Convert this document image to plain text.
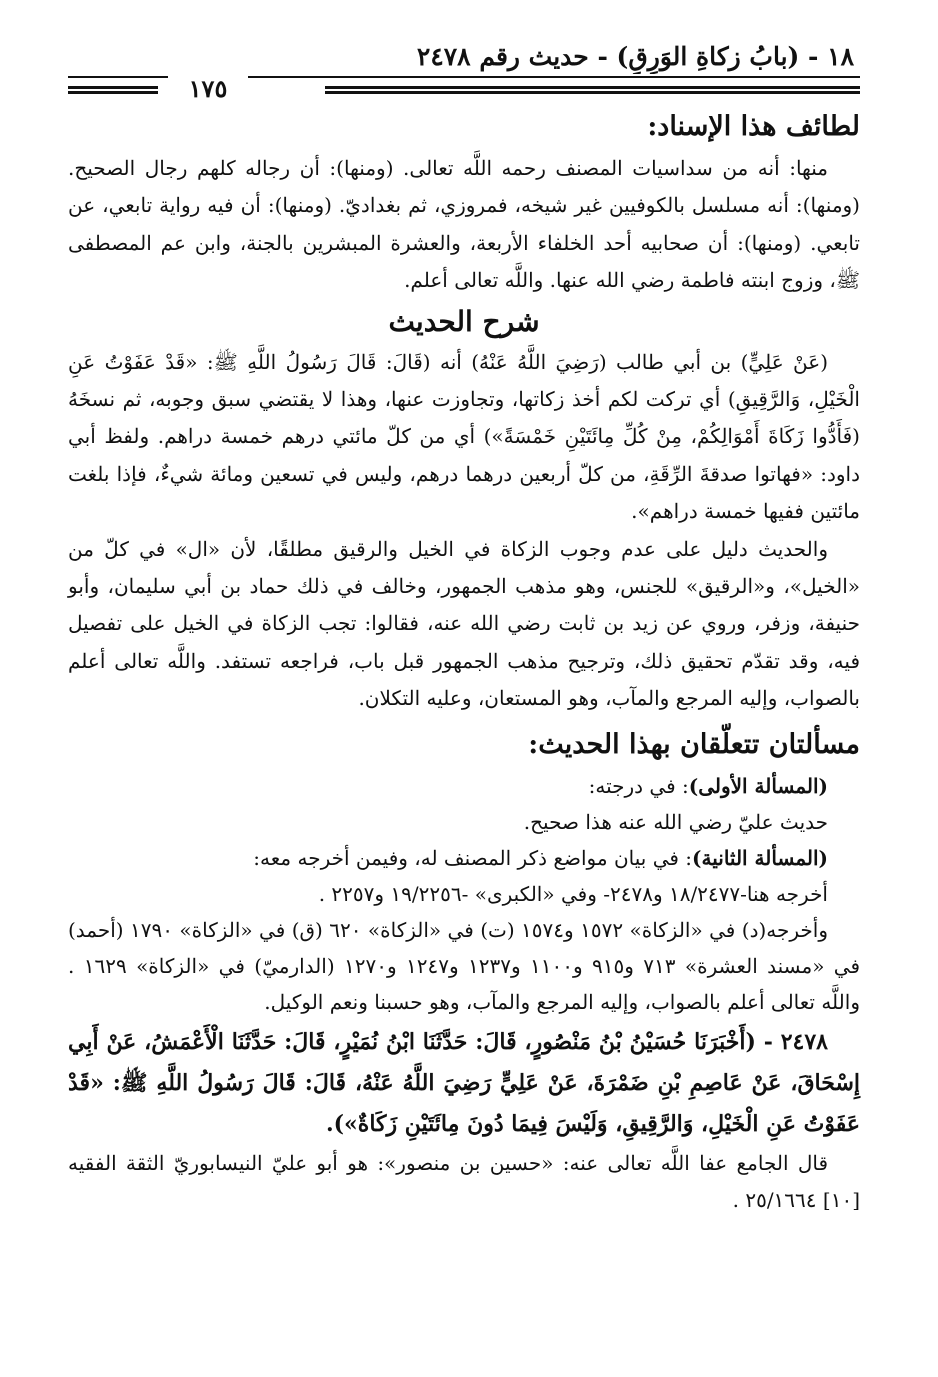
١٨ - (بابُ زكاةِ الوَرِقِ) - حديث رقم ٢٤٧٨
١٧٥
لطائف هذا الإسناد:

منها: أنه من سداسيات المصنف رحمه اللَّه تعالى. (ومنها): أن رجاله كلهم رجال الصحيح. (ومنها): أنه مسلسل بالكوفيين غير شيخه، فمروزي، ثم بغداديّ. (ومنها): أن فيه رواية تابعي، عن تابعي. (ومنها): أن صحابيه أحد الخلفاء الأربعة، والعشرة المبشرين بالجنة، وابن عم المصطفى ﷺ، وزوج ابنته فاطمة رضي الله عنها. واللَّه تعالى أعلم.

شرح الحديث

(عَنْ عَلِيٍّ) بن أبي طالب (رَضِيَ اللَّهُ عَنْهُ) أنه (قَالَ: قَالَ رَسُولُ اللَّهِ ﷺ: «قَدْ عَفَوْتُ عَنِ الْخَيْلِ، وَالرَّقِيقِ) أي تركت لكم أخذ زكاتها، وتجاوزت عنها، وهذا لا يقتضي سبق وجوبه، ثم نسخَهُ (فَأَدُّوا زَكَاةَ أَمْوَالِكُمْ، مِنْ كُلِّ مِائَتَيْنِ خَمْسَةً») أي من كلّ مائتي درهم خمسة دراهم. ولفظ أبي داود: «فهاتوا صدقةَ الرِّقَةِ، من كلّ أربعين درهما درهم، وليس في تسعين ومائة شيءٌ، فإذا بلغت مائتين ففيها خمسة دراهم».

والحديث دليل على عدم وجوب الزكاة في الخيل والرقيق مطلقًا، لأن «ال» في كلّ من «الخيل»، و«الرقيق» للجنس، وهو مذهب الجمهور، وخالف في ذلك حماد بن أبي سليمان، وأبو حنيفة، وزفر، وروي عن زيد بن ثابت رضي الله عنه، فقالوا: تجب الزكاة في الخيل على تفصيل فيه، وقد تقدّم تحقيق ذلك، وترجيح مذهب الجمهور قبل باب، فراجعه تستفد. واللَّه تعالى أعلم بالصواب، وإليه المرجع والمآب، وهو المستعان، وعليه التكلان.

مسألتان تتعلّقان بهذا الحديث:

(المسألة الأولى): في درجته:

حديث عليّ رضي الله عنه هذا صحيح.

(المسألة الثانية): في بيان مواضع ذكر المصنف له، وفيمن أخرجه معه:

أخرجه هنا-١٨/٢٤٧٧ و٢٤٧٨- وفي «الكبرى» -١٩/٢٢٥٦ و٢٢٥٧ .

وأخرجه(د) في «الزكاة» ١٥٧٢ و١٥٧٤ (ت) في «الزكاة» ٦٢٠ (ق) في «الزكاة» ١٧٩٠ (أحمد) في «مسند العشرة» ٧١٣ و٩١٥ و١١٠٠ و١٢٣٧ و١٢٤٧ و١٢٧٠ (الدارميّ) في «الزكاة» ١٦٢٩ . واللَّه تعالى أعلم بالصواب، وإليه المرجع والمآب، وهو حسبنا ونعم الوكيل.

٢٤٧٨ - (أَخْبَرَنَا حُسَيْنُ بْنُ مَنْصُورٍ، قَالَ: حَدَّثَنَا ابْنُ نُمَيْرٍ، قَالَ: حَدَّثَنَا الْأَعْمَشُ، عَنْ أَبِي إِسْحَاقَ، عَنْ عَاصِمِ بْنِ ضَمْرَةَ، عَنْ عَلِيٍّ رَضِيَ اللَّهُ عَنْهُ، قَالَ: قَالَ رَسُولُ اللَّهِ ﷺ: «قَدْ عَفَوْتُ عَنِ الْخَيْلِ، وَالرَّقِيقِ، وَلَيْسَ فِيمَا دُونَ مِائَتَيْنِ زَكَاةٌ»).

قال الجامع عفا اللَّه تعالى عنه: «حسين بن منصور»: هو أبو عليّ النيسابوريّ الثقة الفقيه [١٠] ٢٥/١٦٦٤ .
